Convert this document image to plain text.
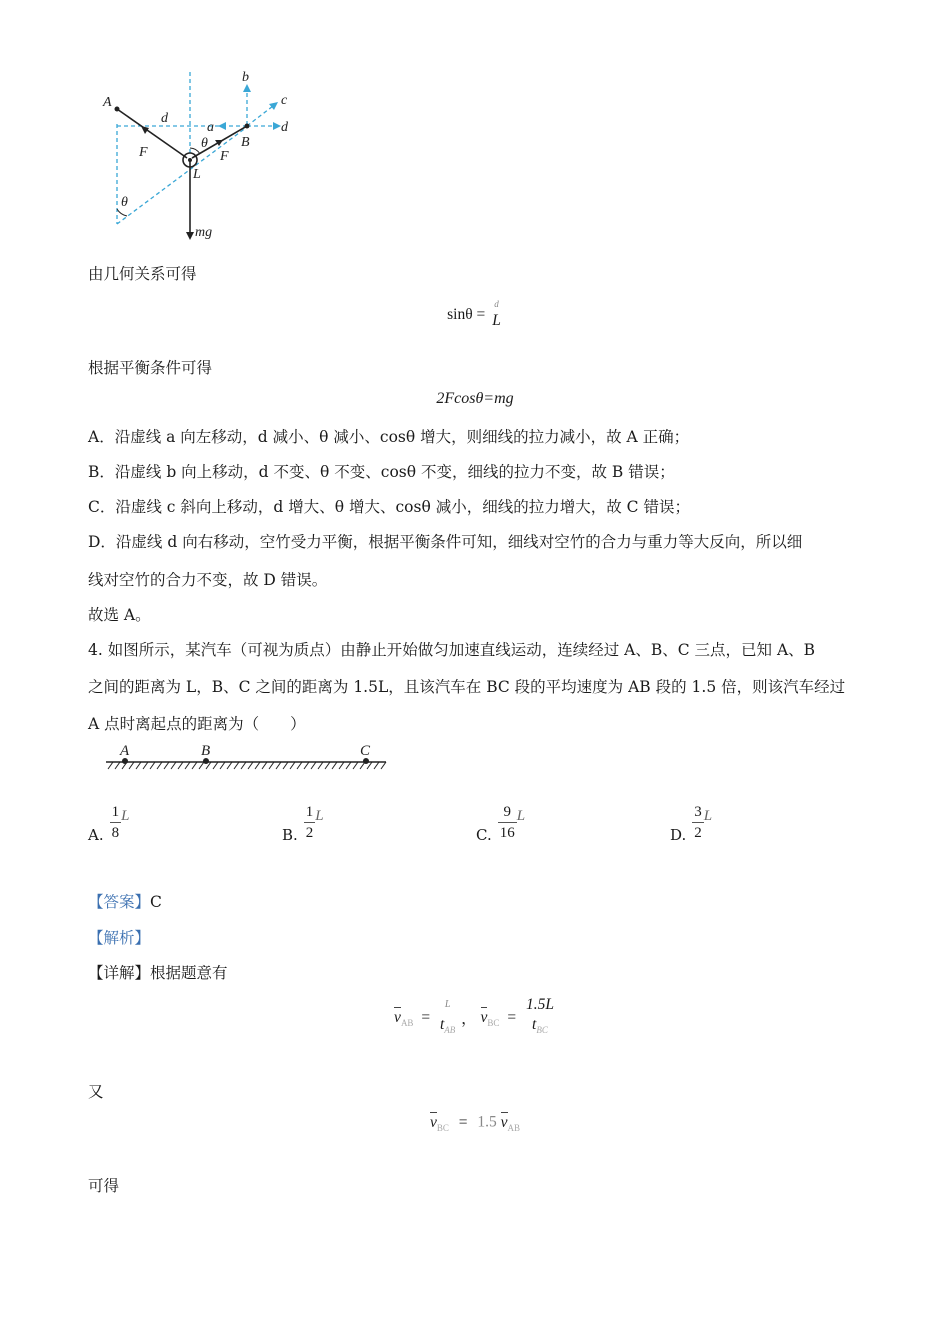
A
b
c
d
d
a
θ B
F	F
L
θ
mg
由几何关系可得
sinθ =
d
L
根据平衡条件可得
2Fcosθ=mg
A．沿虚线 a 向左移动，d 减小、θ 减小、cosθ 增大，则细线的拉力减小，故 A 正确；
B．沿虚线 b 向上移动，d 不变、θ 不变、cosθ 不变，细线的拉力不变，故 B 错误；
C．沿虚线 c 斜向上移动，d 增大、θ 增大、cosθ 减小，细线的拉力增大，故 C 错误；
D．沿虚线 d 向右移动，空竹受力平衡，根据平衡条件可知，细线对空竹的合力与重力等大反向，所以细
线对空竹的合力不变，故 D 错误。
故选 A。
4. 如图所示，某汽车（可视为质点）由静止开始做匀加速直线运动，连续经过 A、B、C 三点，已知 A、B
之间的距离为 L，B、C 之间的距离为 1.5L，且该汽车在 BC 段的平均速度为 AB 段的 1.5 倍，则该汽车经过
A 点时离起点的距离为（　　）
A	B	C
A. $\frac{1}{8}$ L
B. $\frac{1}{2}$ L
C. $\frac{9}{16}$ L
D. $\frac{3}{2}$ L
【答案】C
【解析】
【详解】根据题意有
$v_{AB}$ =
L
$t_{AB}$
， $v_{BC}$ =
1.5L
$t_{BC}$
又
$v_{BC} = 1.5$ $v_{AB}$
可得
